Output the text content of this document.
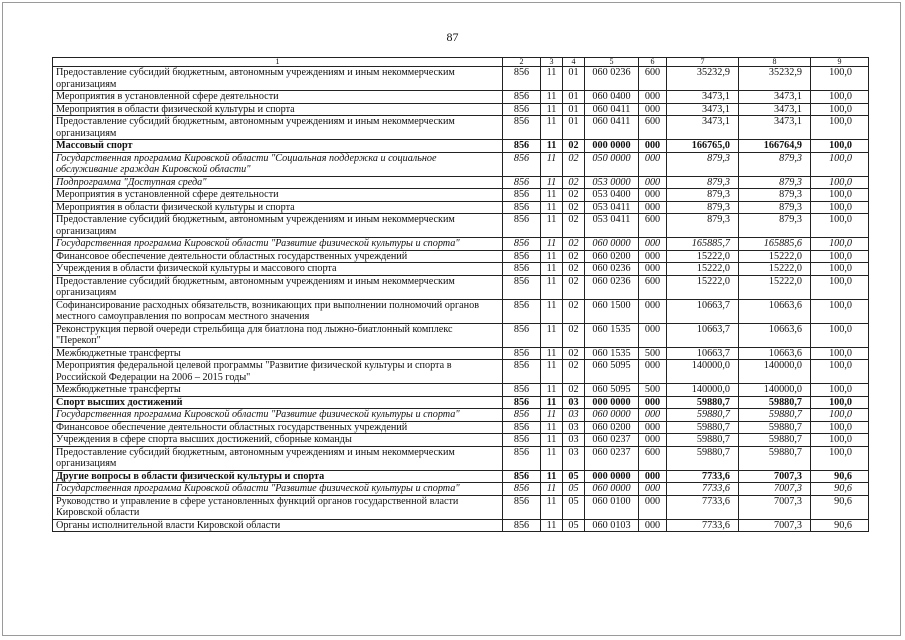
87
1	2	3	4	5	6	7	8	9
Предоставление субсидий бюджетным, автономным учреждениям и иным некоммерческим организациям	856	11	01	060 0236	600	35232,9	35232,9	100,0
Мероприятия в установленной сфере деятельности	856	11	01	060 0400	000	3473,1	3473,1	100,0
Мероприятия в области физической культуры и спорта	856	11	01	060 0411	000	3473,1	3473,1	100,0
Предоставление субсидий бюджетным, автономным учреждениям и иным некоммерческим организациям	856	11	01	060 0411	600	3473,1	3473,1	100,0
Массовый спорт	856	11	02	000 0000	000	166765,0	166764,9	100,0
Государственная программа Кировской области "Социальная поддержка и социальное обслуживание граждан Кировской области"	856	11	02	050 0000	000	879,3	879,3	100,0
Подпрограмма "Доступная среда"	856	11	02	053 0000	000	879,3	879,3	100,0
Мероприятия в установленной сфере деятельности	856	11	02	053 0400	000	879,3	879,3	100,0
Мероприятия в области физической культуры и спорта	856	11	02	053 0411	000	879,3	879,3	100,0
Предоставление субсидий бюджетным, автономным учреждениям и иным некоммерческим организациям	856	11	02	053 0411	600	879,3	879,3	100,0
Государственная программа Кировской области "Развитие физической культуры и спорта"	856	11	02	060 0000	000	165885,7	165885,6	100,0
Финансовое обеспечение деятельности областных государственных учреждений	856	11	02	060 0200	000	15222,0	15222,0	100,0
Учреждения в области физической культуры и массового спорта	856	11	02	060 0236	000	15222,0	15222,0	100,0
Предоставление субсидий бюджетным, автономным учреждениям и иным некоммерческим организациям	856	11	02	060 0236	600	15222,0	15222,0	100,0
Софинансирование расходных обязательств, возникающих при выполнении полномочий органов местного самоуправления по вопросам местного значения	856	11	02	060 1500	000	10663,7	10663,6	100,0
Реконструкция первой очереди стрельбища для биатлона под лыжно-биатлонный комплекс "Перекоп"	856	11	02	060 1535	000	10663,7	10663,6	100,0
Межбюджетные трансферты	856	11	02	060 1535	500	10663,7	10663,6	100,0
Мероприятия федеральной целевой программы "Развитие физической культуры и спорта в Российской Федерации на 2006 – 2015 годы"	856	11	02	060 5095	000	140000,0	140000,0	100,0
Межбюджетные трансферты	856	11	02	060 5095	500	140000,0	140000,0	100,0
Спорт высших достижений	856	11	03	000 0000	000	59880,7	59880,7	100,0
Государственная программа Кировской области "Развитие физической культуры и спорта"	856	11	03	060 0000	000	59880,7	59880,7	100,0
Финансовое обеспечение деятельности областных государственных учреждений	856	11	03	060 0200	000	59880,7	59880,7	100,0
Учреждения в сфере спорта высших достижений, сборные команды	856	11	03	060 0237	000	59880,7	59880,7	100,0
Предоставление субсидий бюджетным, автономным учреждениям и иным некоммерческим организациям	856	11	03	060 0237	600	59880,7	59880,7	100,0
Другие вопросы в области физической культуры и спорта	856	11	05	000 0000	000	7733,6	7007,3	90,6
Государственная программа Кировской области "Развитие физической культуры и спорта"	856	11	05	060 0000	000	7733,6	7007,3	90,6
Руководство и управление в сфере установленных функций органов государственной власти Кировской области	856	11	05	060 0100	000	7733,6	7007,3	90,6
Органы исполнительной власти Кировской области	856	11	05	060 0103	000	7733,6	7007,3	90,6
